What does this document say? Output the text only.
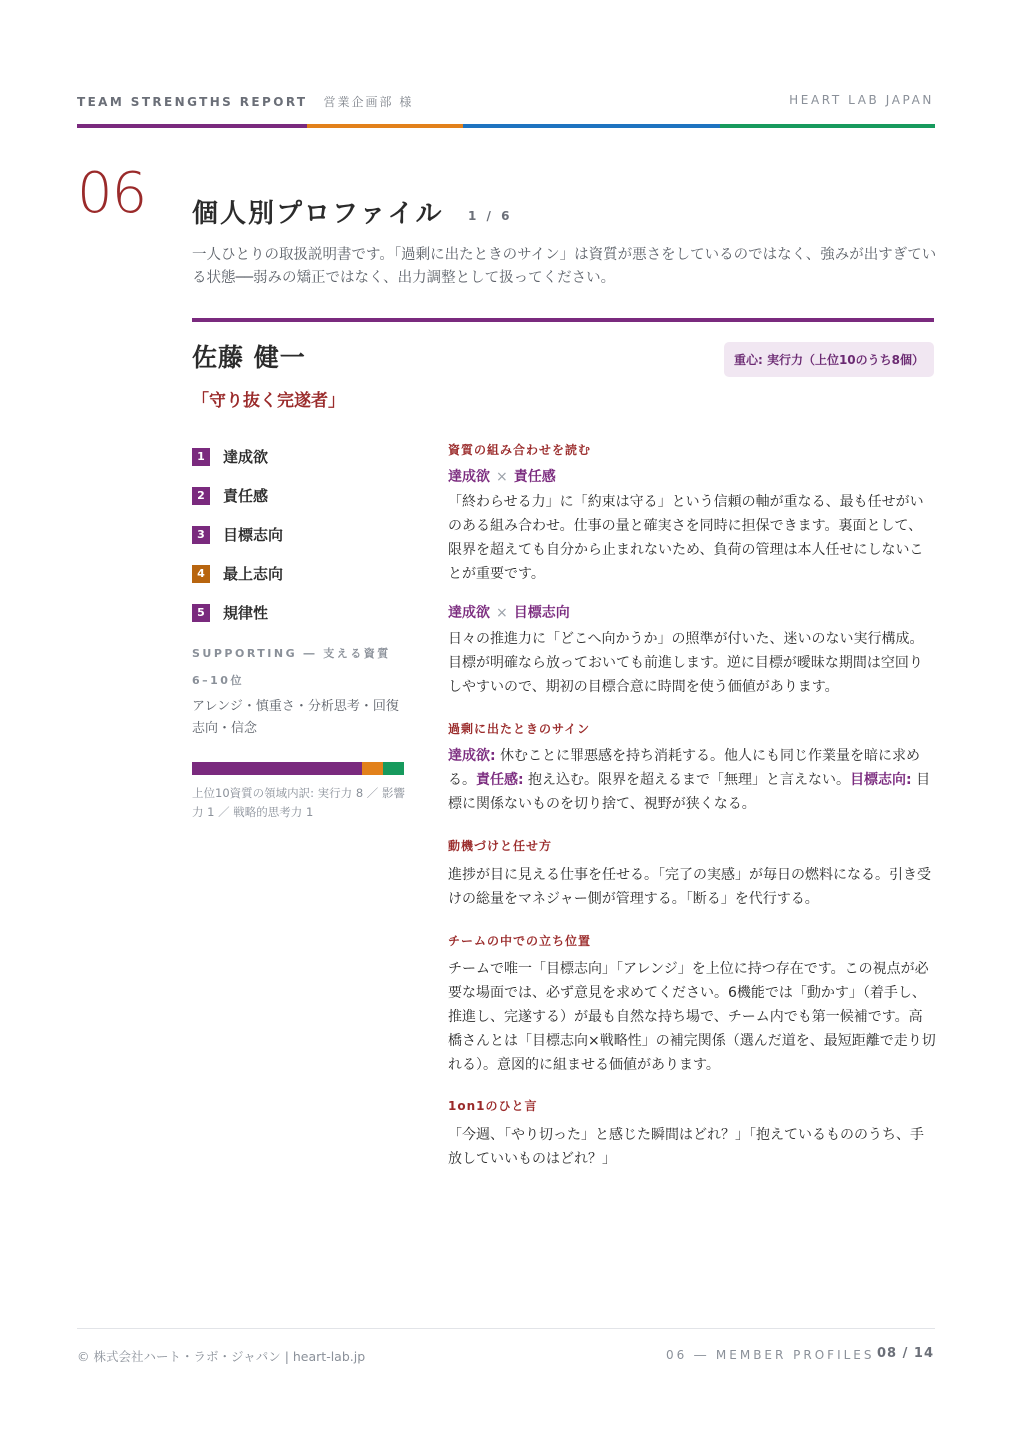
TEAM STRENGTHS REPORT 営業企画部 様	HEART LAB JAPAN
06 個人別プロファイル 1 / 6
一人ひとりの取扱説明書です。「過剰に出たときのサイン」は資質が悪さをしているのではなく、強みが出すぎている状態──弱みの矯正ではなく、出力調整として扱ってください。
佐藤 健一
「守り抜く完遂者」
重心: 実行力（上位10のうち8個）
1	達成欲
2	責任感
3	目標志向
4	最上志向
5	規律性
SUPPORTING ― 支える資質 6–10位
アレンジ・慎重さ・分析思考・回復志向・信念
上位10資質の領域内訳: 実行力 8 ／ 影響力 1 ／ 戦略的思考力 1
資質の組み合わせを読む
達成欲 × 責任感
「終わらせる力」に「約束は守る」という信頼の軸が重なる、最も任せがいのある組み合わせ。仕事の量と確実さを同時に担保できます。裏面として、限界を超えても自分から止まれないため、負荷の管理は本人任せにしないことが重要です。
達成欲 × 目標志向
日々の推進力に「どこへ向かうか」の照準が付いた、迷いのない実行構成。目標が明確なら放っておいても前進します。逆に目標が曖昧な期間は空回りしやすいので、期初の目標合意に時間を使う価値があります。
過剰に出たときのサイン
達成欲: 休むことに罪悪感を持ち消耗する。他人にも同じ作業量を暗に求める。責任感: 抱え込む。限界を超えるまで「無理」と言えない。目標志向: 目標に関係ないものを切り捨て、視野が狭くなる。
動機づけと任せ方
進捗が目に見える仕事を任せる。「完了の実感」が毎日の燃料になる。引き受けの総量をマネジャー側が管理する。「断る」を代行する。
チームの中での立ち位置
チームで唯一「目標志向」「アレンジ」を上位に持つ存在です。この視点が必要な場面では、必ず意見を求めてください。6機能では「動かす」（着手し、推進し、完遂する）が最も自然な持ち場で、チーム内でも第一候補です。高橋さんとは「目標志向×戦略性」の補完関係（選んだ道を、最短距離で走り切れる）。意図的に組ませる価値があります。
1on1のひと言
「今週、「やり切った」と感じた瞬間はどれ？」「抱えているもののうち、手放していいものはどれ？」
© 株式会社ハート・ラボ・ジャパン | heart-lab.jp	06 ― MEMBER PROFILES 08 / 14
